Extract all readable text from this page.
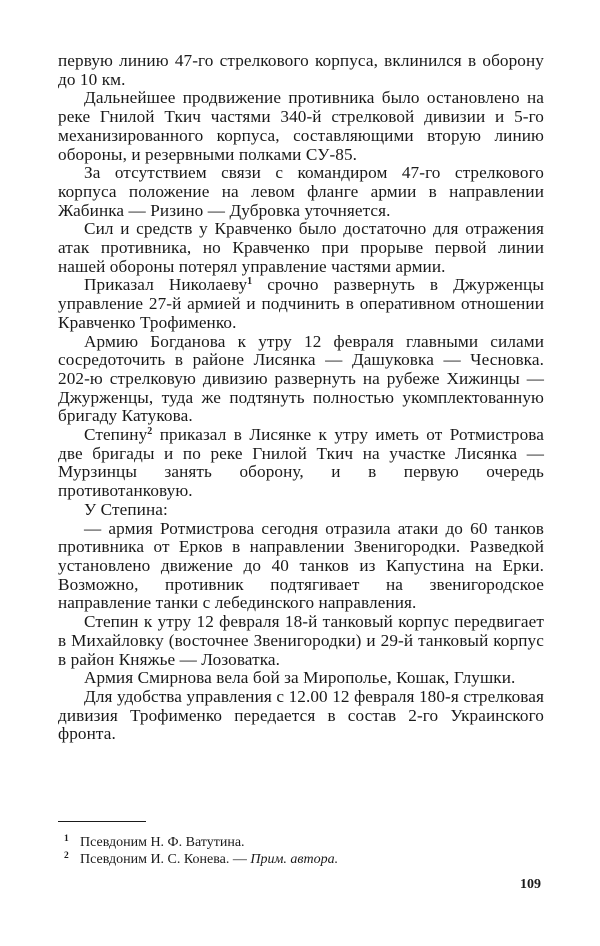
первую линию 47-го стрелкового корпуса, вклинился в оборону до 10 км.

Дальнейшее продвижение противника было остановлено на реке Гнилой Ткич частями 340-й стрелковой дивизии и 5-го механизированного корпуса, составляющими вторую линию обороны, и резервными полками СУ-85.

За отсутствием связи с командиром 47-го стрелкового корпуса положение на левом фланге армии в направлении Жабинка — Ризино — Дубровка уточняется.

Сил и средств у Кравченко было достаточно для отражения атак противника, но Кравченко при прорыве первой линии нашей обороны потерял управление частями армии.

Приказал Николаеву$^1$ срочно развернуть в Джурженцы управление 27-й армией и подчинить в оперативном отношении Кравченко Трофименко.

Армию Богданова к утру 12 февраля главными силами сосредоточить в районе Лисянка — Дашуковка — Чесновка. 202-ю стрелковую дивизию развернуть на рубеже Хижинцы — Джурженцы, туда же подтянуть полностью укомплектованную бригаду Катукова.

Степину$^2$ приказал в Лисянке к утру иметь от Ротмистрова две бригады и по реке Гнилой Ткич на участке Лисянка — Мурзинцы занять оборону, и в первую очередь противотанковую.

У Степина:

— армия Ротмистрова сегодня отразила атаки до 60 танков противника от Ерков в направлении Звенигородки. Разведкой установлено движение до 40 танков из Капустина на Ерки. Возможно, противник подтягивает на звенигородское направление танки с лебединского направления.

Степин к утру 12 февраля 18-й танковый корпус передвигает в Михайловку (восточнее Звенигородки) и 29-й танковый корпус в район Княжье — Лозоватка.

Армия Смирнова вела бой за Мирополье, Кошак, Глушки.

Для удобства управления с 12.00 12 февраля 180-я стрелковая дивизия Трофименко передается в состав 2-го Украинского фронта.

1 Псевдоним Н. Ф. Ватутина.

2 Псевдоним И. С. Конева. — Прим. автора.

109
